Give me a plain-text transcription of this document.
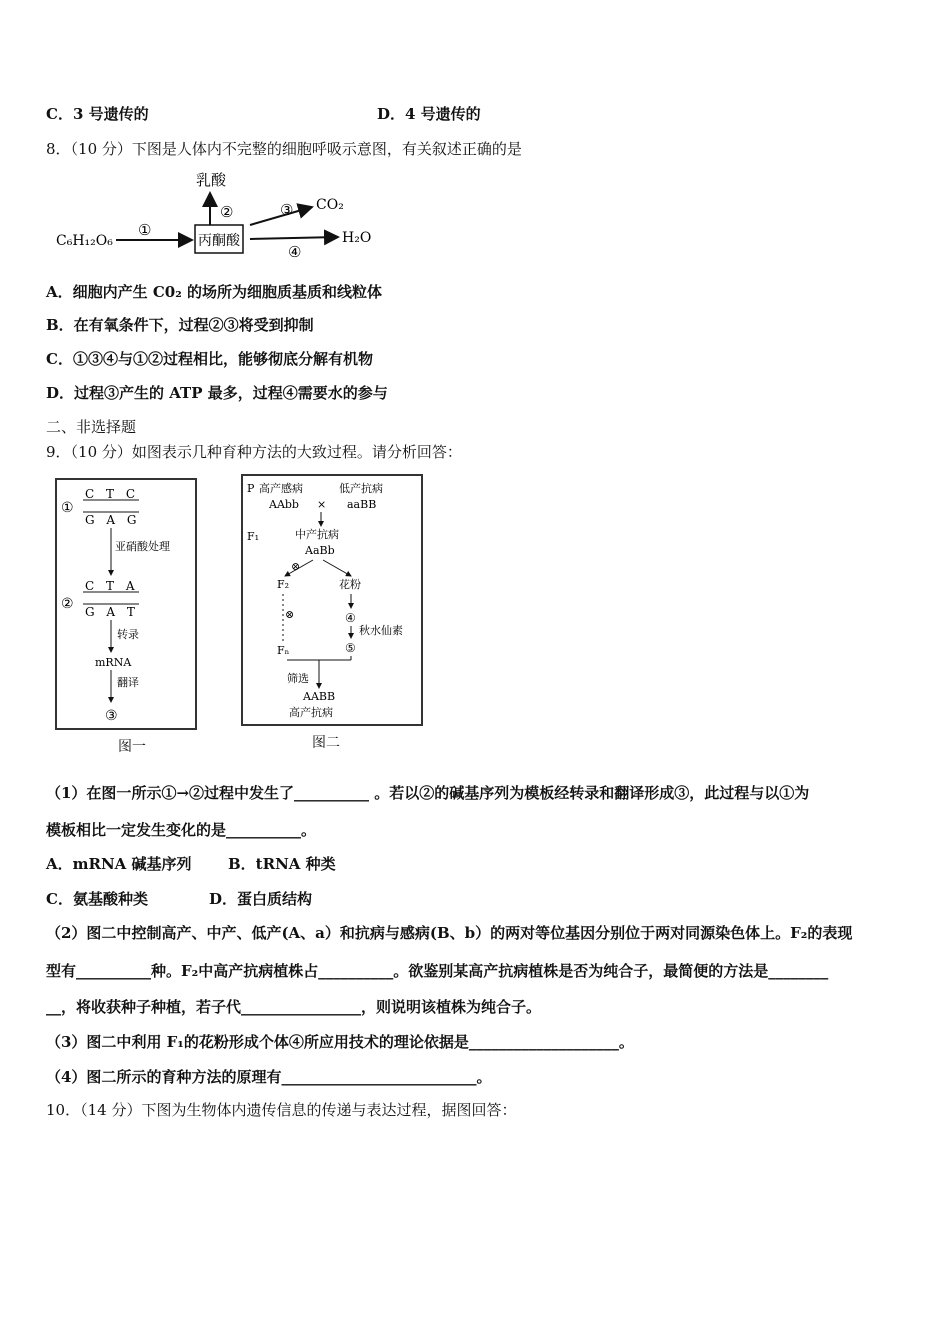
C．3 号遗传的	D．4 号遗传的
8．（10 分）下图是人体内不完整的细胞呼吸示意图，有关叙述正确的是
C₆H₁₂O₆
①
丙酮酸
乳酸
②	③ CO₂
④
H₂O
A．细胞内产生 C0₂ 的场所为细胞质基质和线粒体
B．在有氧条件下，过程②③将受到抑制
C．①③④与①②过程相比，能够彻底分解有机物
D．过程③产生的 ATP 最多，过程④需要水的参与
二、非选择题
9．（10 分）如图表示几种育种方法的大致过程。请分析回答：
①
C T C
G A G
亚硝酸处理
②
C T A
G A T
转录
mRNA
翻译
③
图一
P 高产感病	低产抗病
AAbb × aaBB
F₁	中产抗病
AaBb
⊗
F₂	花粉
⊗
Fₙ
④
秋水仙素
⑤
筛选
AABB
高产抗病
图二
（1）在图一所示①→②过程中发生了__________ 。若以②的碱基序列为模板经转录和翻译形成③，此过程与以①为
模板相比一定发生变化的是__________。
A．mRNA 碱基序列 B．tRNA 种类
C．氨基酸种类	D．蛋白质结构
（2）图二中控制高产、中产、低产(A、a）和抗病与感病(B、b）的两对等位基因分别位于两对同源染色体上。F₂的表现
型有__________种。F₂中高产抗病植株占__________。欲鉴别某高产抗病植株是否为纯合子，最简便的方法是________
__，将收获种子种植，若子代________________，则说明该植株为纯合子。
（3）图二中利用 F₁的花粉形成个体④所应用技术的理论依据是____________________。
（4）图二所示的育种方法的原理有__________________________。
10．（14 分）下图为生物体内遗传信息的传递与表达过程，据图回答：
